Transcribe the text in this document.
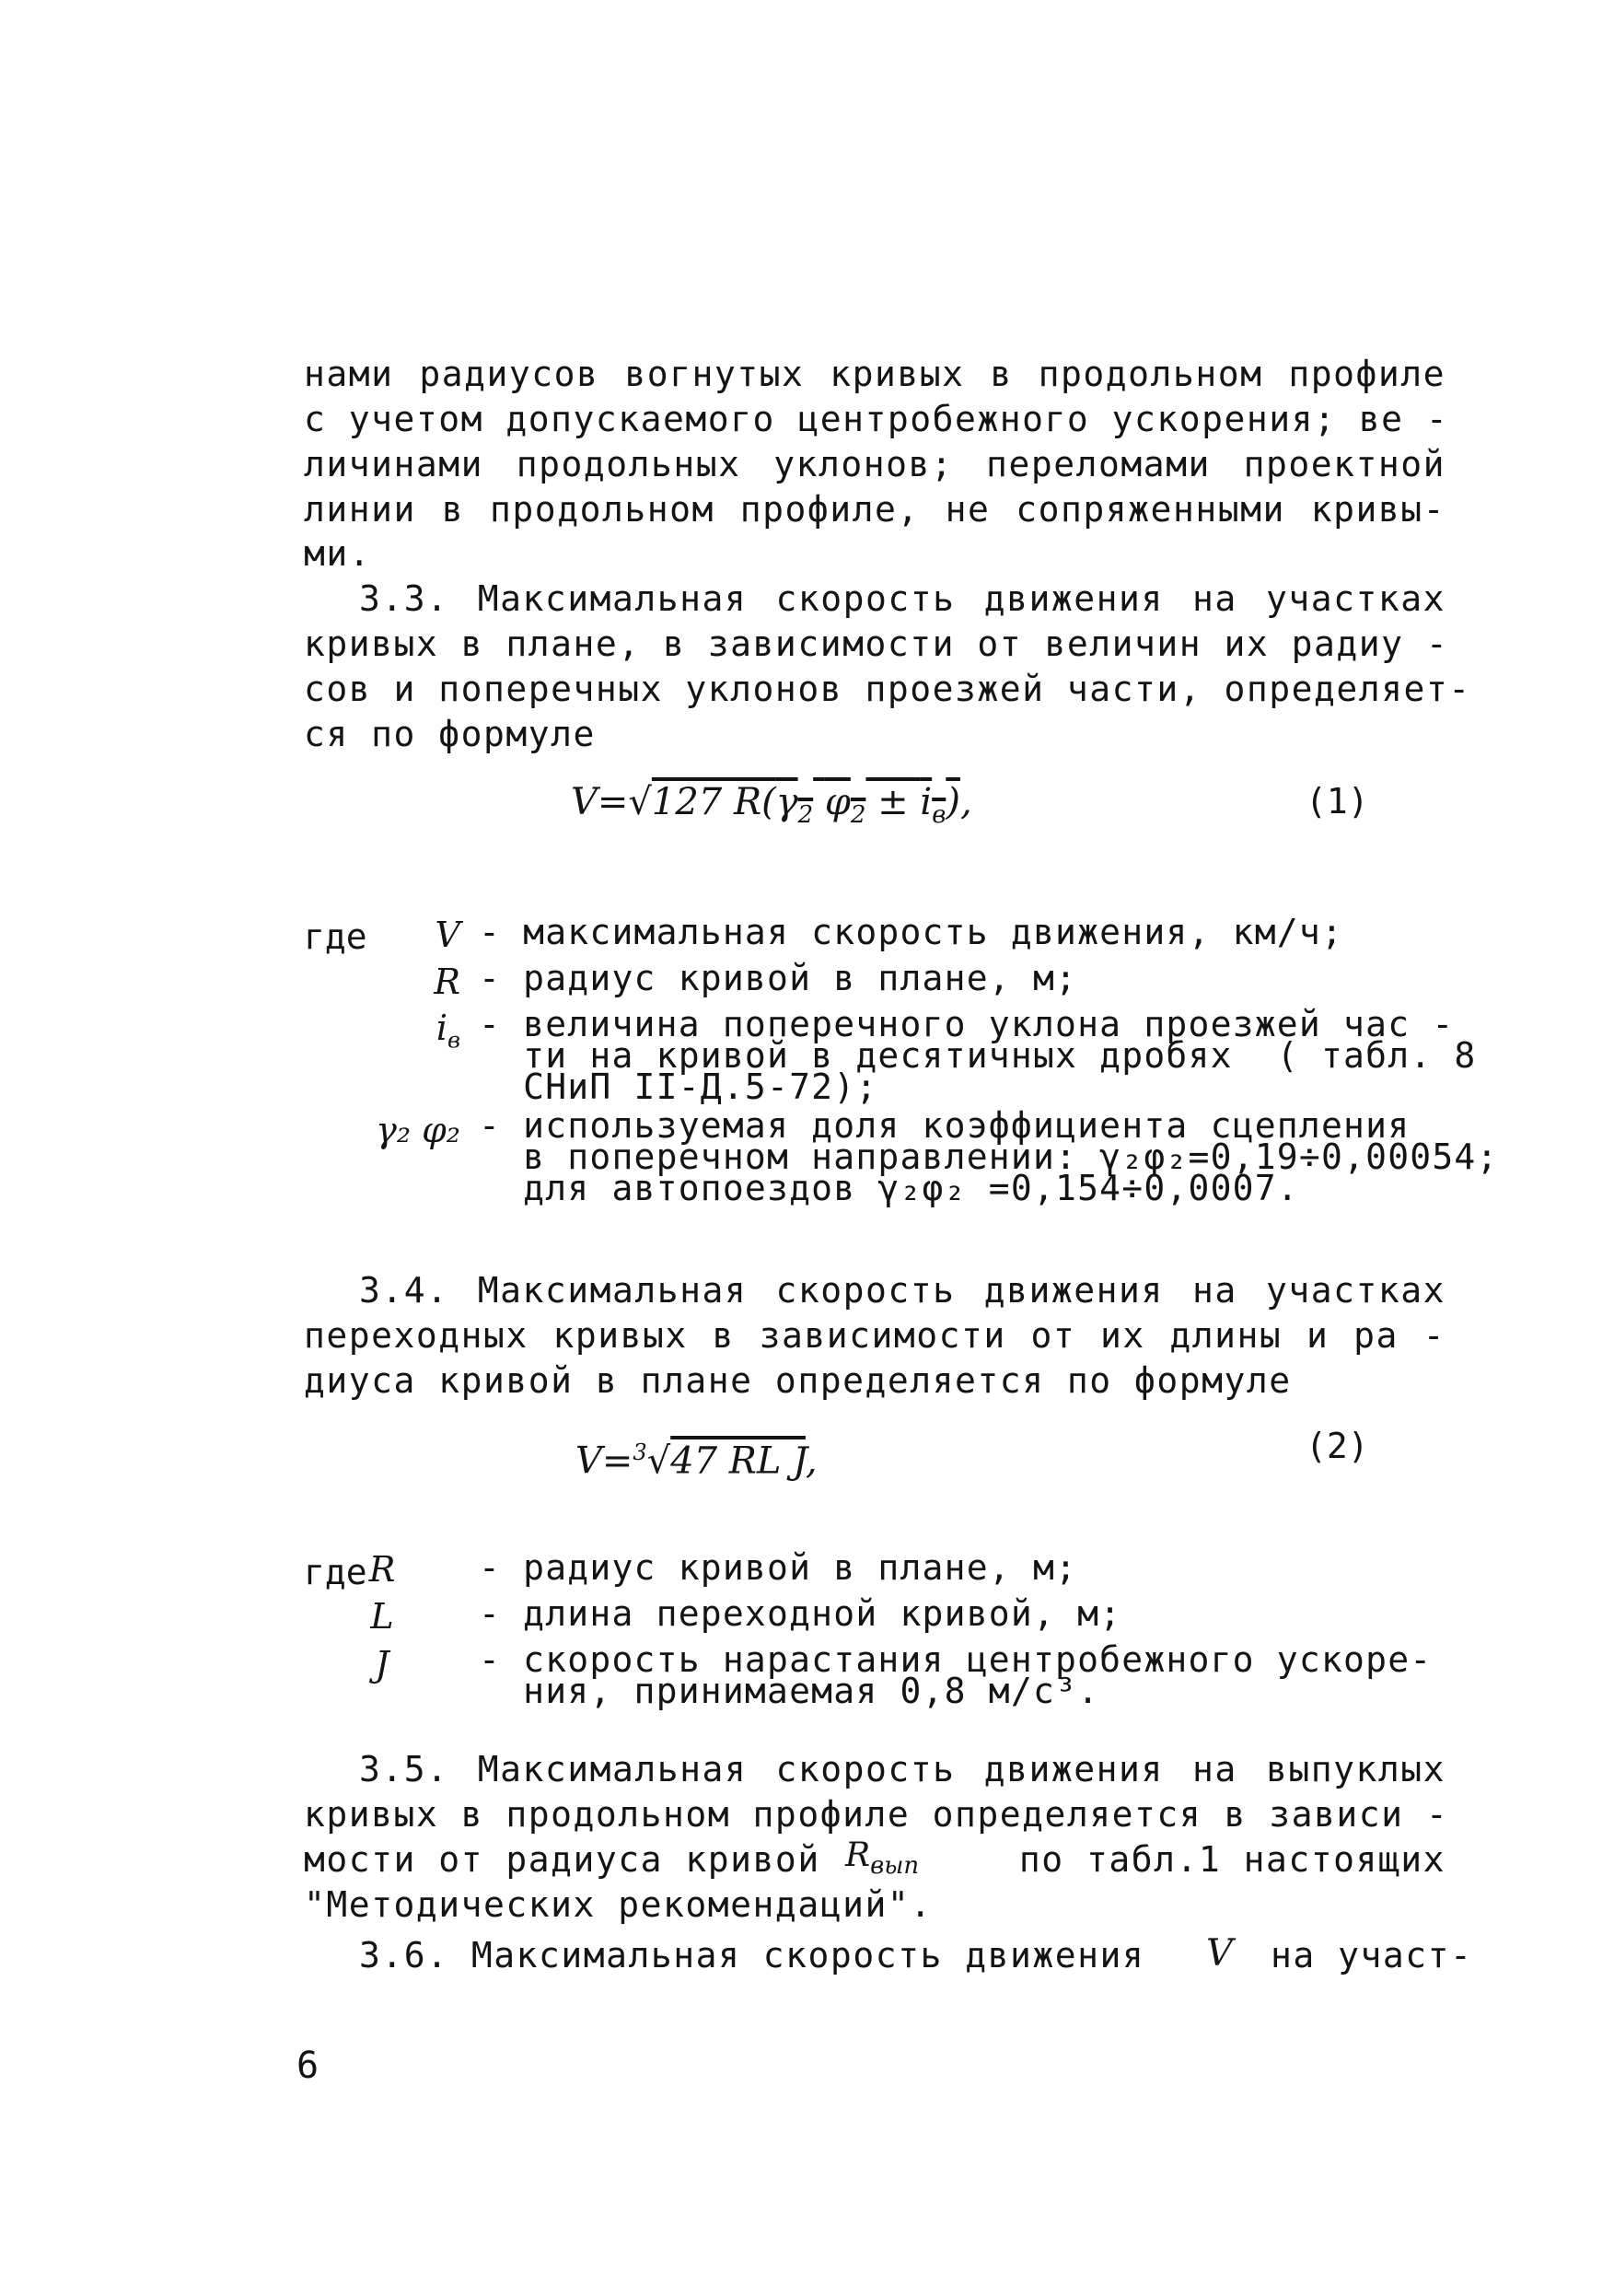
нами радиусов вогнутых кривых в продольном профиле
с учетом допускаемого центробежного ускорения; ве -
личинами продольных уклонов; переломами проектной
линии в продольном профиле, не сопряженными кривы-
ми.
3.3. Максимальная скорость движения на участках
кривых в плане, в зависимости от величин их радиу -
сов и поперечных уклонов проезжей части, определяет-
ся по формуле
V=√127 $R(\gamma_2$ $\varphi_2 \pm i_в$),	(1)
где	V - максимальная скорость движения, км/ч;
R - радиус кривой в плане, м;
$i_в$ - величина поперечного уклона проезжей час -
ти на кривой в десятичных дробях  ( табл. 8
СНиП II-Д.5-72);
γ₂ φ₂ - используемая доля коэффициента сцепления
в поперечном направлении: γ₂φ₂=0,19÷0,00054;
для автопоездов γ₂φ₂ =0,154÷0,0007.
3.4. Максимальная скорость движения на участках
переходных кривых в зависимости от их длины и ра -
диуса кривой в плане определяется по формуле
V=$^3$√47 RL J,	(2)
где R	- радиус кривой в плане, м;
L	- длина переходной кривой, м;
J	- скорость нарастания центробежного ускоре-
ния, принимаемая 0,8 м/с³.
3.5. Максимальная скорость движения на выпуклых
кривых в продольном профиле определяется в зависи -
мости от радиуса кривой $R_{вып}$	по табл.1 настоящих
"Методических рекомендаций".
3.6. Максимальная скорость движения V на участ-
6
